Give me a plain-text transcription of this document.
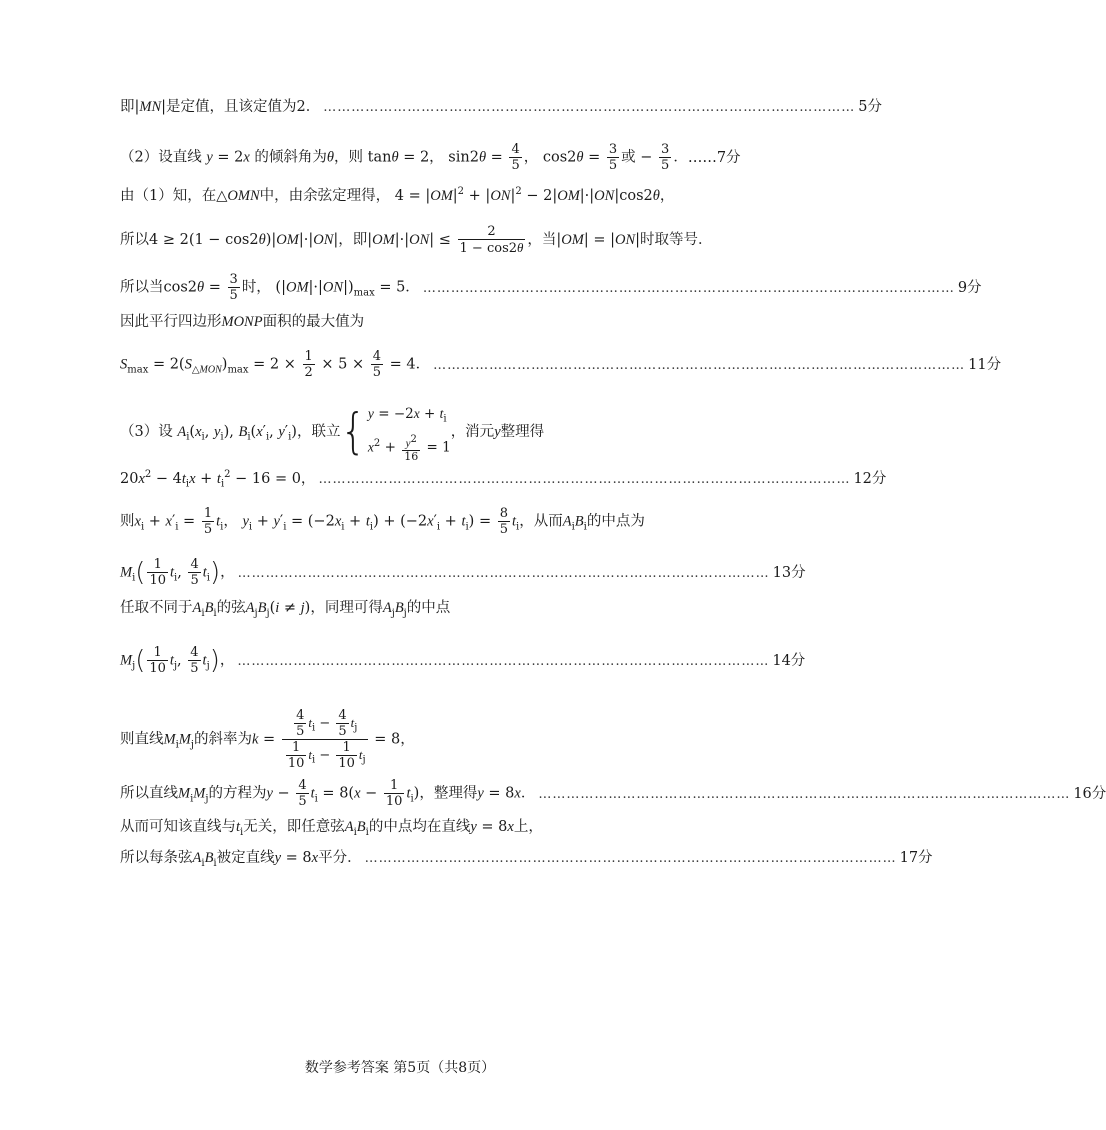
即|MN|是定值，且该定值为2． …………………………………………………………………………………………………… 5分
（2）设直线 y = 2x 的倾斜角为θ，则 tanθ = 2， $\sin 2\theta = \frac{4}{5}$ ， $\cos 2\theta = \frac{3}{5}$ 或 − $\frac{3}{5}$ ． ……7分
由（1）知，在△OMN中，由余弦定理得， $4 = |OM|^2 + |ON|^2 - 2|OM|\cdot|ON|\cos 2\theta$，
所以4 ≥ 2(1 − cos2θ)|OM|·|ON|，即$|OM|\cdot|ON| \le \frac{2}{1 - \cos 2\theta}$ ，当|OM| = |ON|时取等号．
所以当$\cos 2\theta = \frac{3}{5}$ 时， $(|OM|\cdot|ON|)_{max} = 5$． …………………………………………………………………………………………………… 9分
因此平行四边形MONP面积的最大值为
$S_{max} = 2(S_{\triangle MON})_{max} = 2 \times \frac{1}{2} \times 5 \times \frac{4}{5} = 4$． …………………………………………………………………………………………………… 11分
（3）设 $A_i(x_i$, $y_i$), $B_i(x'_i$, $y'_i$)，联立{ $y = -2x + t_i$
$x^2 + \frac{y^2}{16} = 1$
，消元y整理得
$20x^2 - 4t_ix + t_i^2 - 16 = 0$， …………………………………………………………………………………………………… 12分
则$x_i + x'_i = \frac{1}{5} t_i$， $y_i + y'_i = (-2x_i + t_i) + (-2x'_i + t_i) = \frac{8}{5} t_i$，从而$A_iB_i$的中点为
$M_i( \frac{1}{10} t_i$, $\frac{4}{5} t_i$)， …………………………………………………………………………………………………… 13分
任取不同于$A_iB_i$的弦$A_jB_j(i \ne j)$，同理可得$A_jB_j$的中点
$M_j( \frac{1}{10} t_j$, $\frac{4}{5} t_j$)， …………………………………………………………………………………………………… 14分
则直线$M_iM_j$的斜率为$k = \frac{\frac{4}{5} t_i - \frac{4}{5} t_j}{\frac{1}{10} t_i - \frac{1}{10} t_j} = 8$，
所以直线$M_iM_j$的方程为$y - \frac{4}{5} t_i = 8(x - \frac{1}{10} t_i)$，整理得y = 8x． …………………………………………………………………………………………………… 16分
从而可知该直线与$t_i$无关，即任意弦$A_iB_i$的中点均在直线y = 8x上，
所以每条弦$A_iB_i$被定直线y = 8x平分． …………………………………………………………………………………………………… 17分
数学参考答案 第5页（共8页）
